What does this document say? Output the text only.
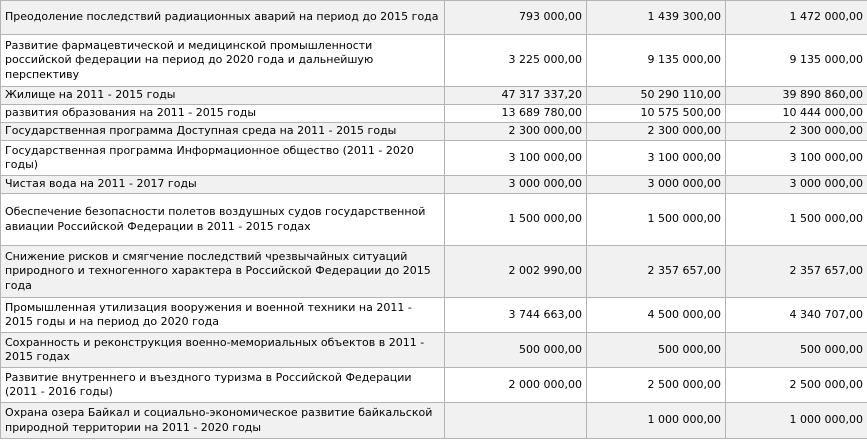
Преодоление последствий радиационных аварий на период до 2015 года	793 000,00	1 439 300,00	1 472 000,00
Развитие фармацевтической и медицинской промышленности российской федерации на период до 2020 года и дальнейшую перспективу	3 225 000,00	9 135 000,00	9 135 000,00
Жилище на 2011 - 2015 годы	47 317 337,20	50 290 110,00	39 890 860,00
развития образования на 2011 - 2015 годы	13 689 780,00	10 575 500,00	10 444 000,00
Государственная программа Доступная среда на 2011 - 2015 годы	2 300 000,00	2 300 000,00	2 300 000,00
Государственная программа Информационное общество (2011 - 2020 годы)	3 100 000,00	3 100 000,00	3 100 000,00
Чистая вода на 2011 - 2017 годы	3 000 000,00	3 000 000,00	3 000 000,00
Обеспечение безопасности полетов воздушных судов государственной авиации Российской Федерации в 2011 - 2015 годах	1 500 000,00	1 500 000,00	1 500 000,00
Снижение рисков и смягчение последствий чрезвычайных ситуаций природного и техногенного характера в Российской Федерации до 2015 года	2 002 990,00	2 357 657,00	2 357 657,00
Промышленная утилизация вооружения и военной техники на 2011 - 2015 годы и на период до 2020 года	3 744 663,00	4 500 000,00	4 340 707,00
Сохранность и реконструкция военно-мемориальных объектов в 2011 - 2015 годах	500 000,00	500 000,00	500 000,00
Развитие внутреннего и въездного туризма в Российской Федерации (2011 - 2016 годы)	2 000 000,00	2 500 000,00	2 500 000,00
Охрана озера Байкал и социально-экономическое развитие байкальской природной территории на 2011 - 2020 годы		1 000 000,00	1 000 000,00
